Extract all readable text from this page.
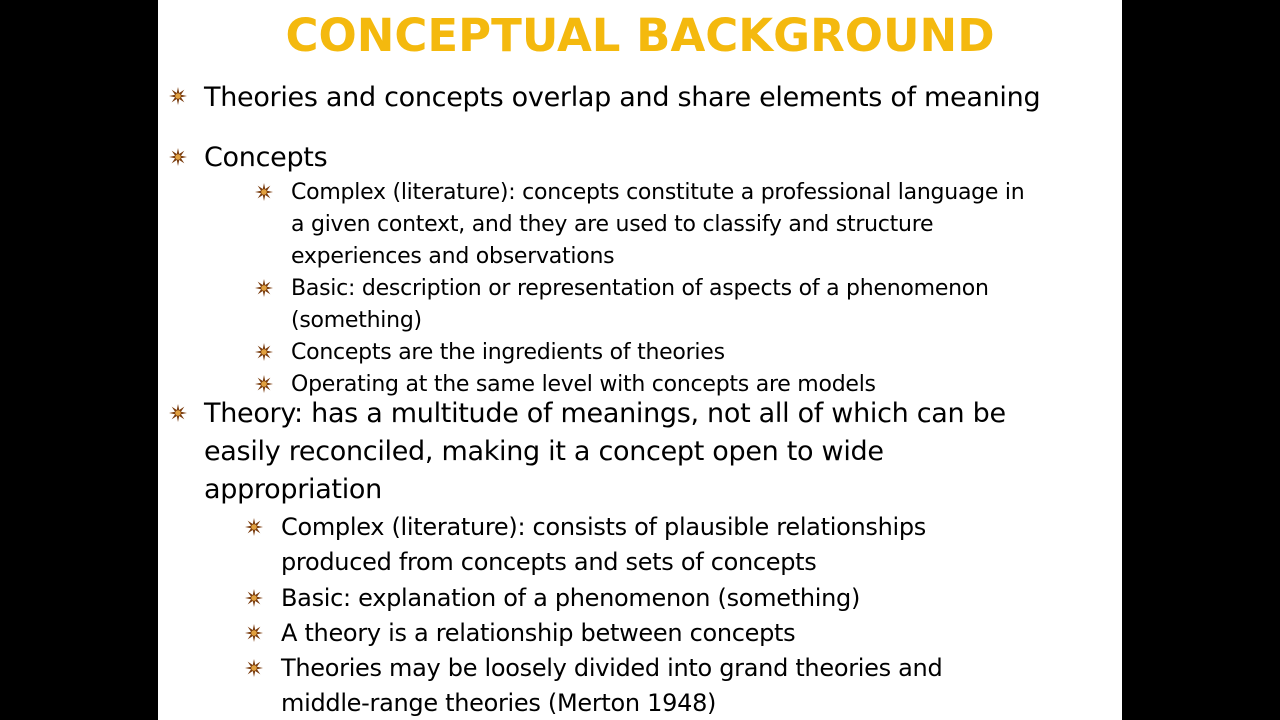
CONCEPTUAL BACKGROUND
Theories and concepts overlap and share elements of meaning
Concepts
Complex (literature): concepts constitute a professional language in
a given context, and they are used to classify and structure
experiences and observations
Basic: description or representation of aspects of a phenomenon
(something)
Concepts are the ingredients of theories
Operating at the same level with concepts are models
Theory: has a multitude of meanings, not all of which can be
easily reconciled, making it a concept open to wide
appropriation
Complex (literature): consists of plausible relationships
produced from concepts and sets of concepts
Basic: explanation of a phenomenon (something)
A theory is a relationship between concepts
Theories may be loosely divided into grand theories and
middle-range theories (Merton 1948)
